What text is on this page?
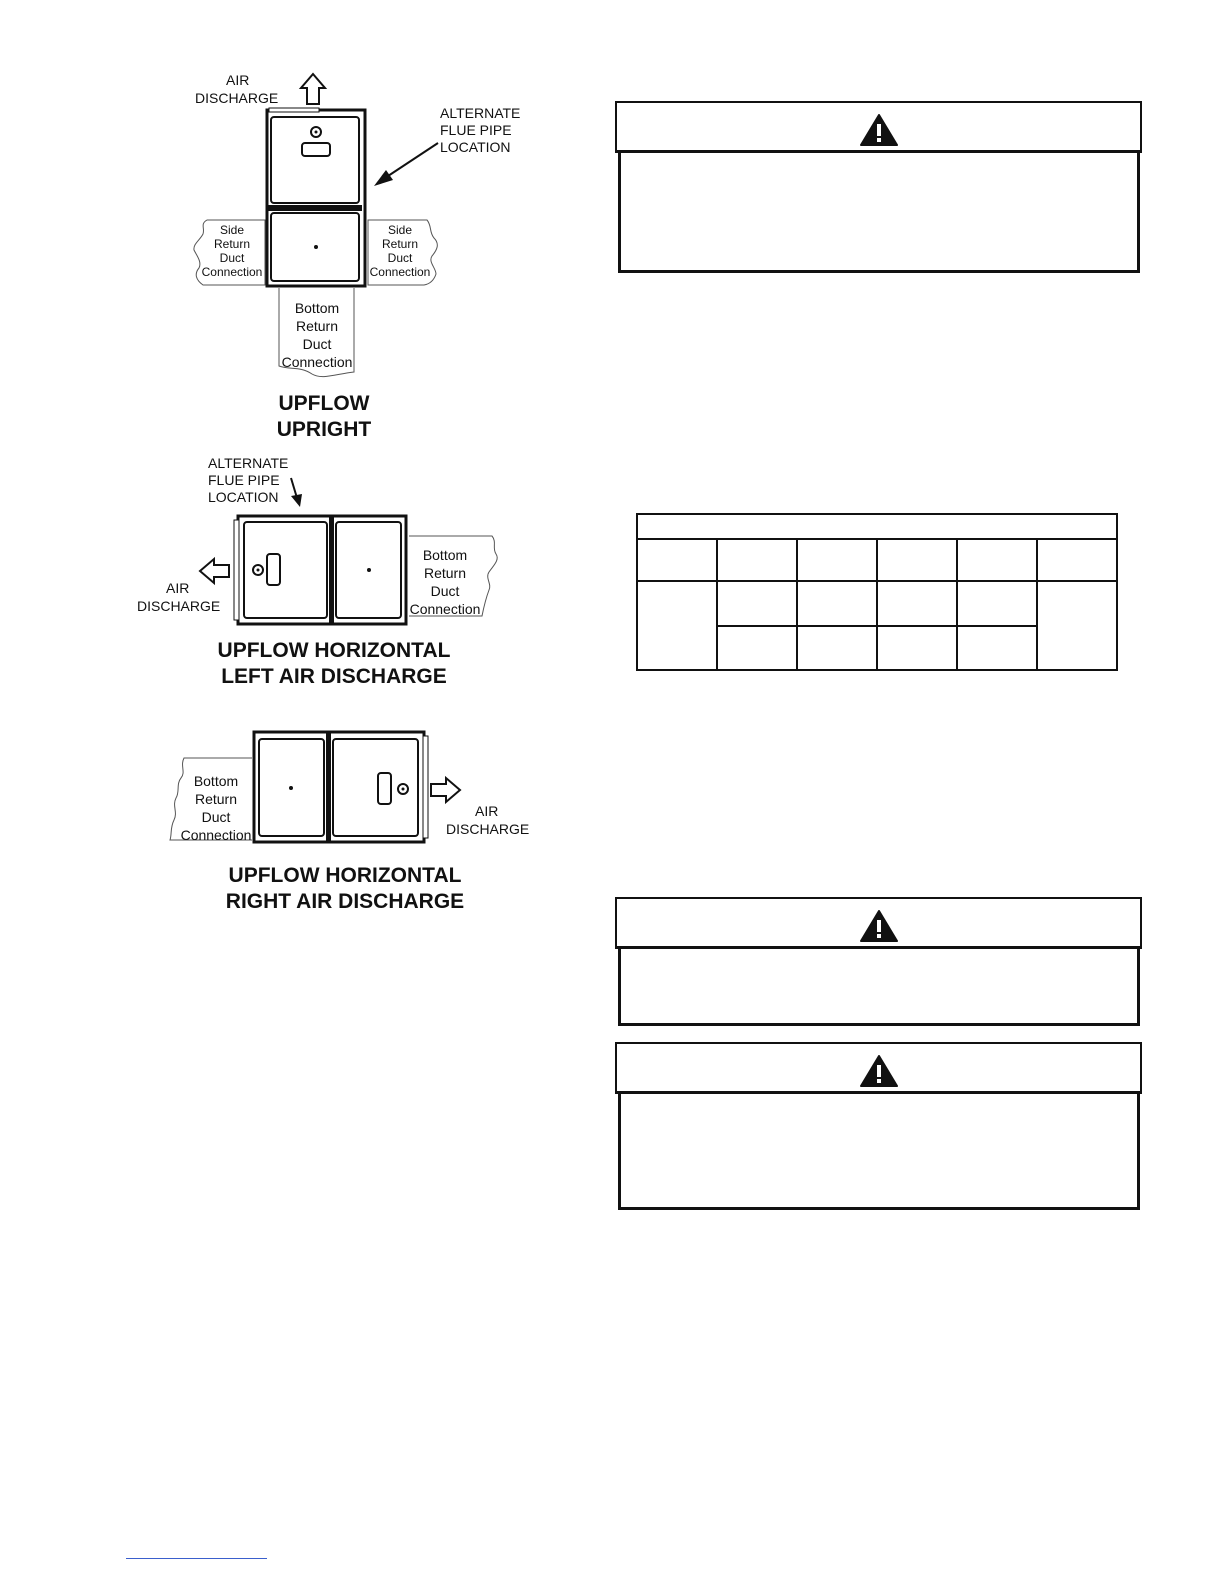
AIR
DISCHARGE
ALTERNATE
FLUE PIPE
LOCATION
Side
Return
Duct
Connection
Side
Return
Duct
Connection
Bottom
Return
Duct
Connection
UPFLOW
UPRIGHT
ALTERNATE
FLUE PIPE
LOCATION
AIR
DISCHARGE
Bottom
Return
Duct
Connection
UPFLOW HORIZONTAL
LEFT AIR DISCHARGE
Bottom
Return
Duct
Connection
AIR
DISCHARGE
UPFLOW HORIZONTAL
RIGHT AIR DISCHARGE
